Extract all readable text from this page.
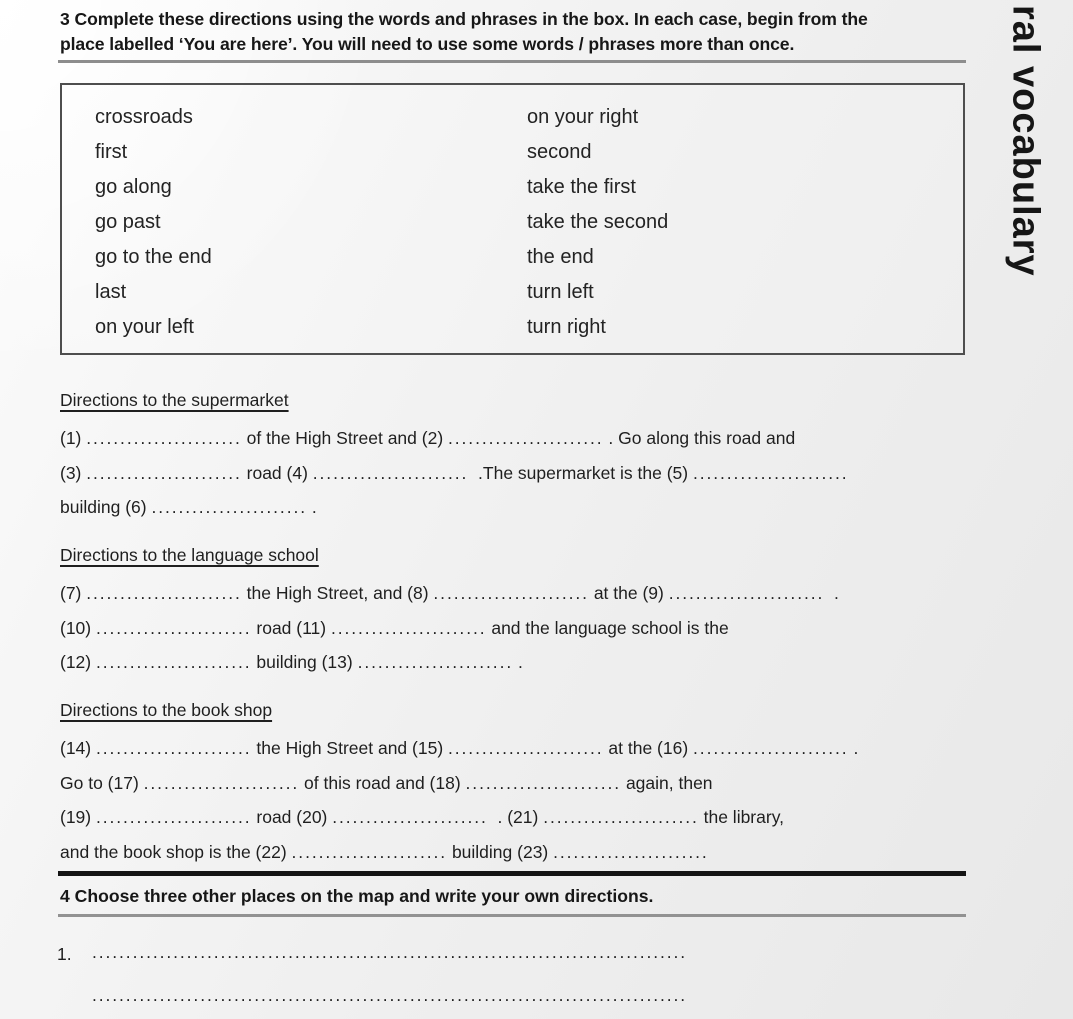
3 Complete these directions using the words and phrases in the box. In each case, begin from the
place labelled ‘You are here’. You will need to use some words / phrases more than once.
crossroads
first
go along
go past
go to the end
last
on your left
on your right
second
take the first
take the second
the end
turn left
turn right
Directions to the supermarket
(1) ....................... of the High Street and (2) ....................... . Go along this road and
(3) ....................... road (4) .......................  .The supermarket is the (5) .......................
building (6) ....................... .
Directions to the language school
(7) ....................... the High Street, and (8) ....................... at the (9) .......................  .
(10) ....................... road (11) ....................... and the language school is the
(12) ....................... building (13) ....................... .
Directions to the book shop
(14) ....................... the High Street and (15) ....................... at the (16) ....................... .
Go to (17) ....................... of this road and (18) ....................... again, then
(19) ....................... road (20) .......................  . (21) ....................... the library,
and the book shop is the (22) ....................... building (23) .......................
4 Choose three other places on the map and write your own directions.
1. ........................................................................................
........................................................................................
ral vocabulary
